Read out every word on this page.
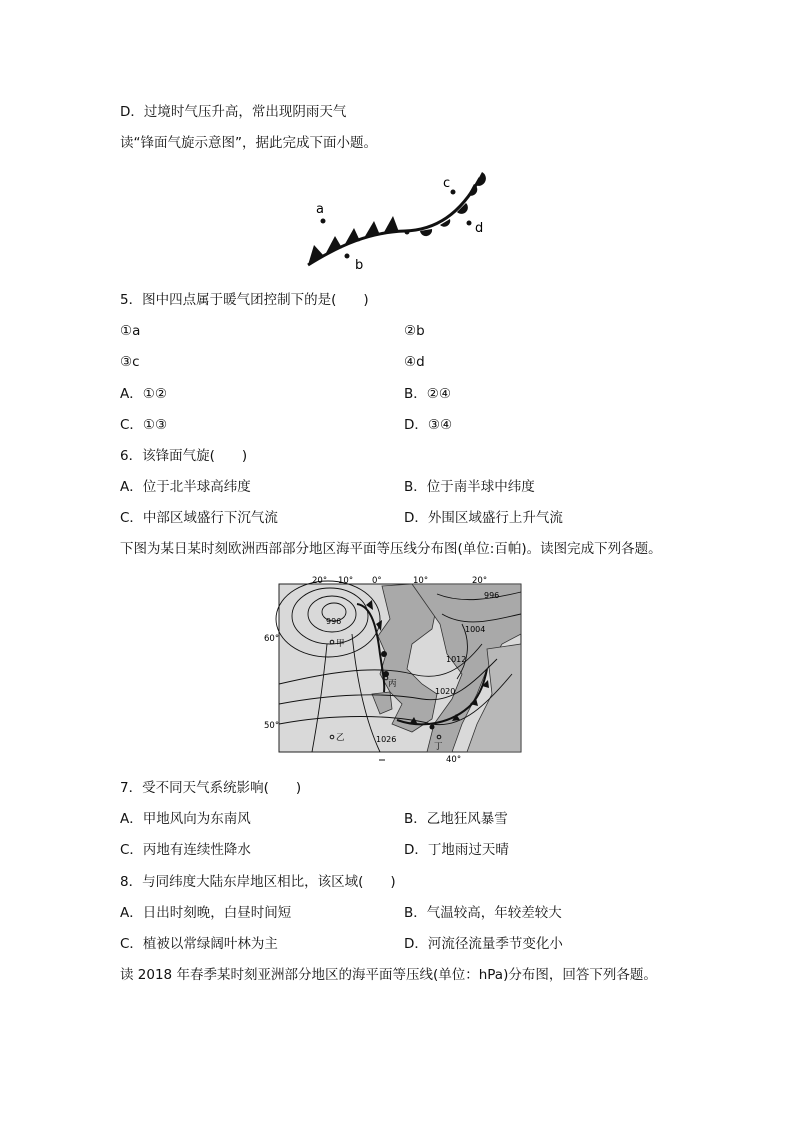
D．过境时气压升高，常出现阴雨天气
读“锋面气旋示意图”，据此完成下面小题。
a
b
c
d
5．图中四点属于暖气团控制下的是(　　)
①a	②b
③c	④d
A．①②	B．②④
C．①③	D．③④
6．该锋面气旋(　　)
A．位于北半球高纬度	B．位于南半球中纬度
C．中部区域盛行下沉气流	D．外围区域盛行上升气流
下图为某日某时刻欧洲西部部分地区海平面等压线分布图(单位:百帕)。读图完成下列各题。
20° 10° 0°	10°	20°
40°
60°
50°
996
996
1004
1012
1020
1026
甲
乙
丙
丁
7．受不同天气系统影响(　　)
A．甲地风向为东南风	B．乙地狂风暴雪
C．丙地有连续性降水	D．丁地雨过天晴
8．与同纬度大陆东岸地区相比，该区域(　　)
A．日出时刻晚，白昼时间短	B．气温较高，年较差较大
C．植被以常绿阔叶林为主	D．河流径流量季节变化小
读 2018 年春季某时刻亚洲部分地区的海平面等压线(单位：hPa)分布图，回答下列各题。
